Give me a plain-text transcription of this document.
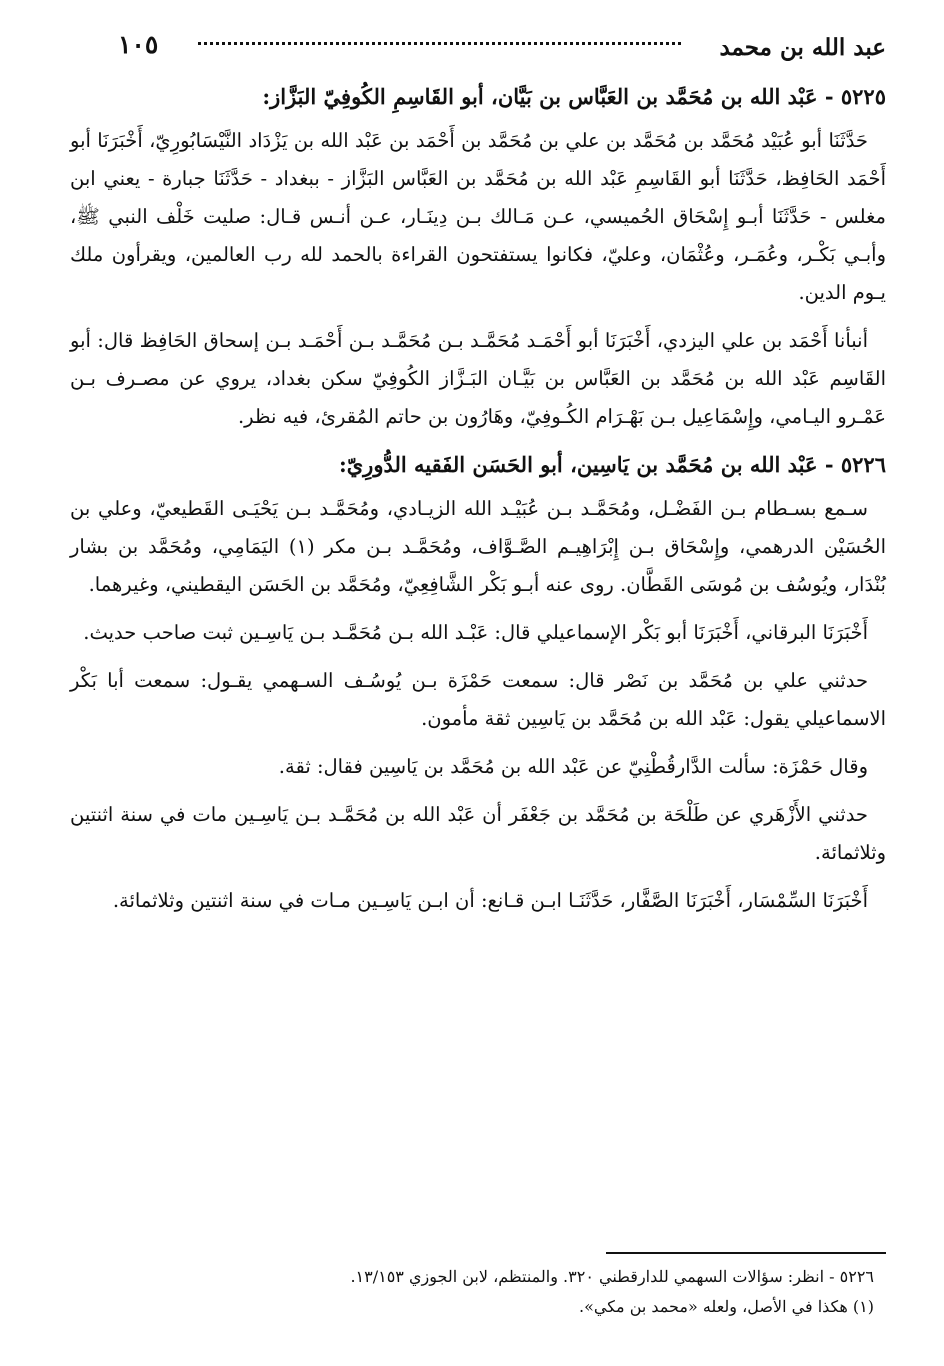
عبد الله بن محمد
١٠٥
٥٢٢٥ - عَبْد الله بن مُحَمَّد بن العَبَّاس بن بَيَّان، أبو القَاسِمِ الكُوفِيّ البَزَّاز:

حَدَّثَنَا أبو عُبَيْد مُحَمَّد بن مُحَمَّد بن علي بن مُحَمَّد بن أَحْمَد بن عَبْد الله بن يَزْدَاد النَّيْسَابُورِيّ، أَخْبَرَنَا أبو أَحْمَد الحَافِظ، حَدَّثَنَا أبو القَاسِمِ عَبْد الله بن مُحَمَّد بن العَبَّاس البَزَّاز - ببغداد - حَدَّثَنَا جبارة - يعني ابن مغلس - حَدَّثَنَا أبـو إِسْحَاق الحُميسي، عـن مَـالك بـن دِينَـار، عـن أنـس قـال: صليت خَلْف النبي ﷺ، وأبـي بَكْـر، وعُمَـر، وعُثْمَان، وعليّ، فكانوا يستفتحون القراءة بالحمد لله رب العالمين، ويقرأون ملك يـوم الدين.

أنبأنا أَحْمَد بن علي اليزدي، أَخْبَرَنَا أبو أَحْمَـد مُحَمَّـد بـن مُحَمَّـد بـن أَحْمَـد بـن إسحاق الحَافِظ قال: أبو القَاسِم عَبْد الله بن مُحَمَّد بن العَبَّاس بن بَيَّـان البَـزَّاز الكُوفِيّ سكن بغداد، يروي عن مصـرف بـن عَمْـرو اليـامي، وإِسْمَاعِيل بـن بَهْـرَام الكُـوفِيّ، وهَارُون بن حاتم المُقرئ، فيه نظر.

٥٢٢٦ - عَبْد الله بن مُحَمَّد بن يَاسِين، أبو الحَسَن الفَقيه الدُّورِيّ:

سـمع بسـطام بـن الفَضْـل، ومُحَمَّـد بـن عُبَيْـد الله الزيـادي، ومُحَمَّـد بـن يَحْيَـى القَطيعيّ، وعلي بن الحُسَيْن الدرهمي، وإِسْحَاق بـن إِبْرَاهِيـم الصَّـوَّاف، ومُحَمَّـد بـن مكر (١) اليَمَامِي، ومُحَمَّد بن بشار بُنْدَار، ويُوسُف بن مُوسَى القَطَّان. روى عنه أبـو بَكْر الشَّافِعِيّ، ومُحَمَّد بن الحَسَن اليقطيني، وغيرهما.

أَخْبَرَنَا البرقاني، أَخْبَرَنَا أبو بَكْر الإسماعيلي قال: عَبْـد الله بـن مُحَمَّـد بـن يَاسِـين ثبت صاحب حديث.

حدثني علي بن مُحَمَّد بن نَصْر قال: سمعت حَمْزَة بـن يُوسُـف السـهمي يقـول: سمعت أبا بَكْر الاسماعيلي يقول: عَبْد الله بن مُحَمَّد بن يَاسِين ثقة مأمون.

وقال حَمْزَة: سألت الدَّارقُطْنِيّ عن عَبْد الله بن مُحَمَّد بن يَاسِين فقال: ثقة.

حدثني الأَزْهَري عن طَلْحَة بن مُحَمَّد بن جَعْفَر أن عَبْد الله بن مُحَمَّـد بـن يَاسِـين مات في سنة اثنتين وثلاثمائة.

أَخْبَرَنَا السِّمْسَار، أَخْبَرَنَا الصَّفَّار، حَدَّثَنَـا ابـن قـانع: أن ابـن يَاسِـين مـات في سنة اثنتين وثلاثمائة.

٥٢٢٦ - انظر: سؤالات السهمي للدارقطني ٣٢٠. والمنتظم، لابن الجوزي ١٣/١٥٣.
(١) هكذا في الأصل، ولعله «محمد بن مكي».
